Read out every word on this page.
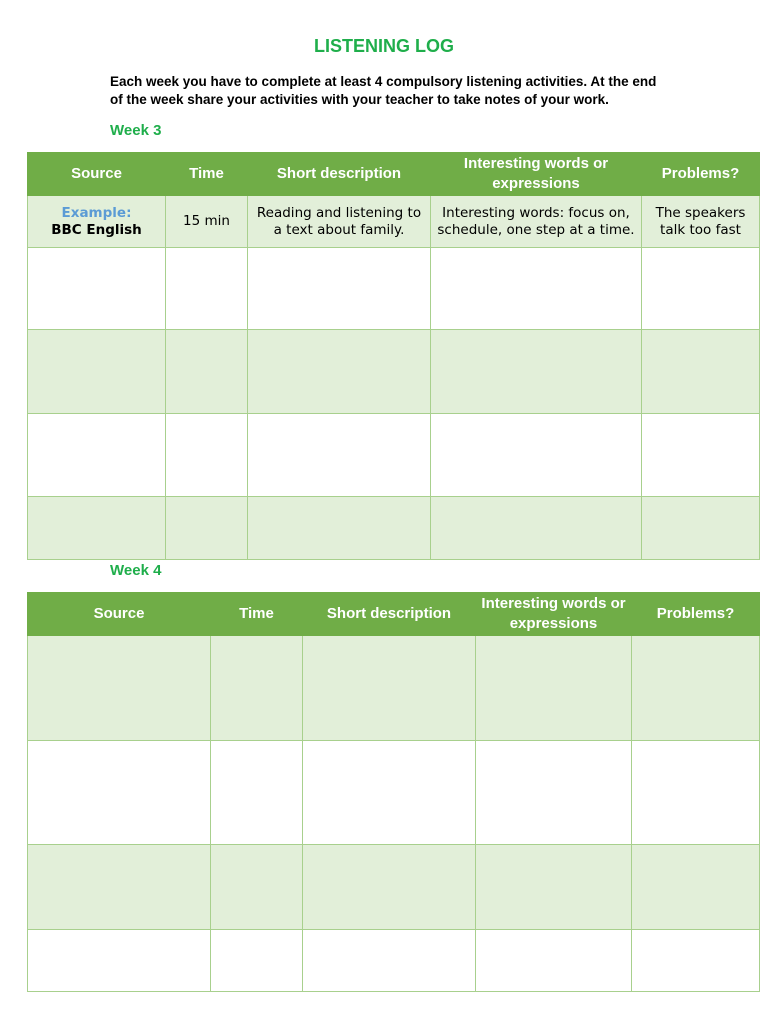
LISTENING LOG
Each week you have to complete at least 4 compulsory listening activities. At the end of the week share your activities with your teacher to take notes of your work.
Week 3
Source	Time	Short description	Interesting words or expressions	Problems?

Example:
BBC English	15 min	Reading and listening to a text about family.	Interesting words: focus on, schedule, one step at a time.	The speakers talk too fast

Week 4
Source	Time	Short description	Interesting words or expressions	Problems?
